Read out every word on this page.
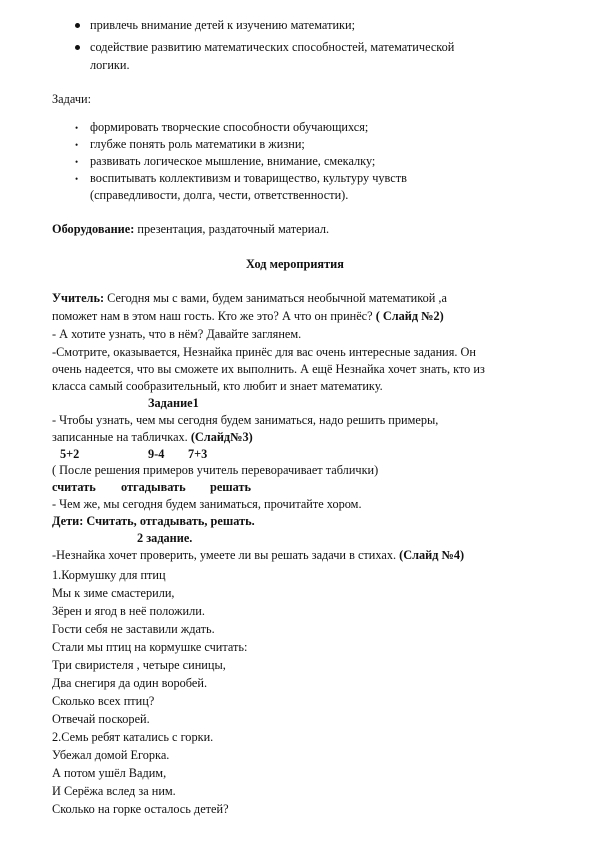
привлечь внимание детей к изучению математики;
содействие развитию математических способностей, математической
логики.
Задачи:
• формировать творческие способности обучающихся;
• глубже понять роль математики в жизни;
• развивать логическое мышление, внимание, смекалку;
• воспитывать коллективизм и товарищество, культуру чувств
(справедливости, долга, чести, ответственности).
Оборудование: презентация, раздаточный материал.
Ход мероприятия
Учитель: Сегодня мы с вами, будем заниматься необычной математикой ,а
поможет нам в этом наш гость. Кто же это? А что он принёс? ( Слайд №2)
- А хотите узнать, что в нём? Давайте заглянем.
-Смотрите, оказывается, Незнайка принёс для вас очень интересные задания. Он
очень надеется, что вы сможете их выполнить. А ещё Незнайка хочет знать, кто из
класса самый сообразительный, кто любит и знает математику.
Задание1
- Чтобы узнать, чем мы сегодня будем заниматься, надо решить примеры,
записанные на табличках. (Слайд№3)
5+2	9-4 7+3
( После решения примеров учитель переворачивает таблички)
считать отгадывать решать
- Чем же, мы сегодня будем заниматься, прочитайте хором.
Дети: Считать, отгадывать, решать.
2 задание.
-Незнайка хочет проверить, умеете ли вы решать задачи в стихах. (Слайд №4)
1.Кормушку для птиц
Мы к зиме смастерили,
Зёрен и ягод в неё положили.
Гости себя не заставили ждать.
Стали мы птиц на кормушке считать:
Три свиристеля , четыре синицы,
Два снегиря да один воробей.
Сколько всех птиц?
Отвечай поскорей.
2.Семь ребят катались с горки.
Убежал домой Егорка.
А потом ушёл Вадим,
И Серёжа вслед за ним.
Сколько на горке осталось детей?
